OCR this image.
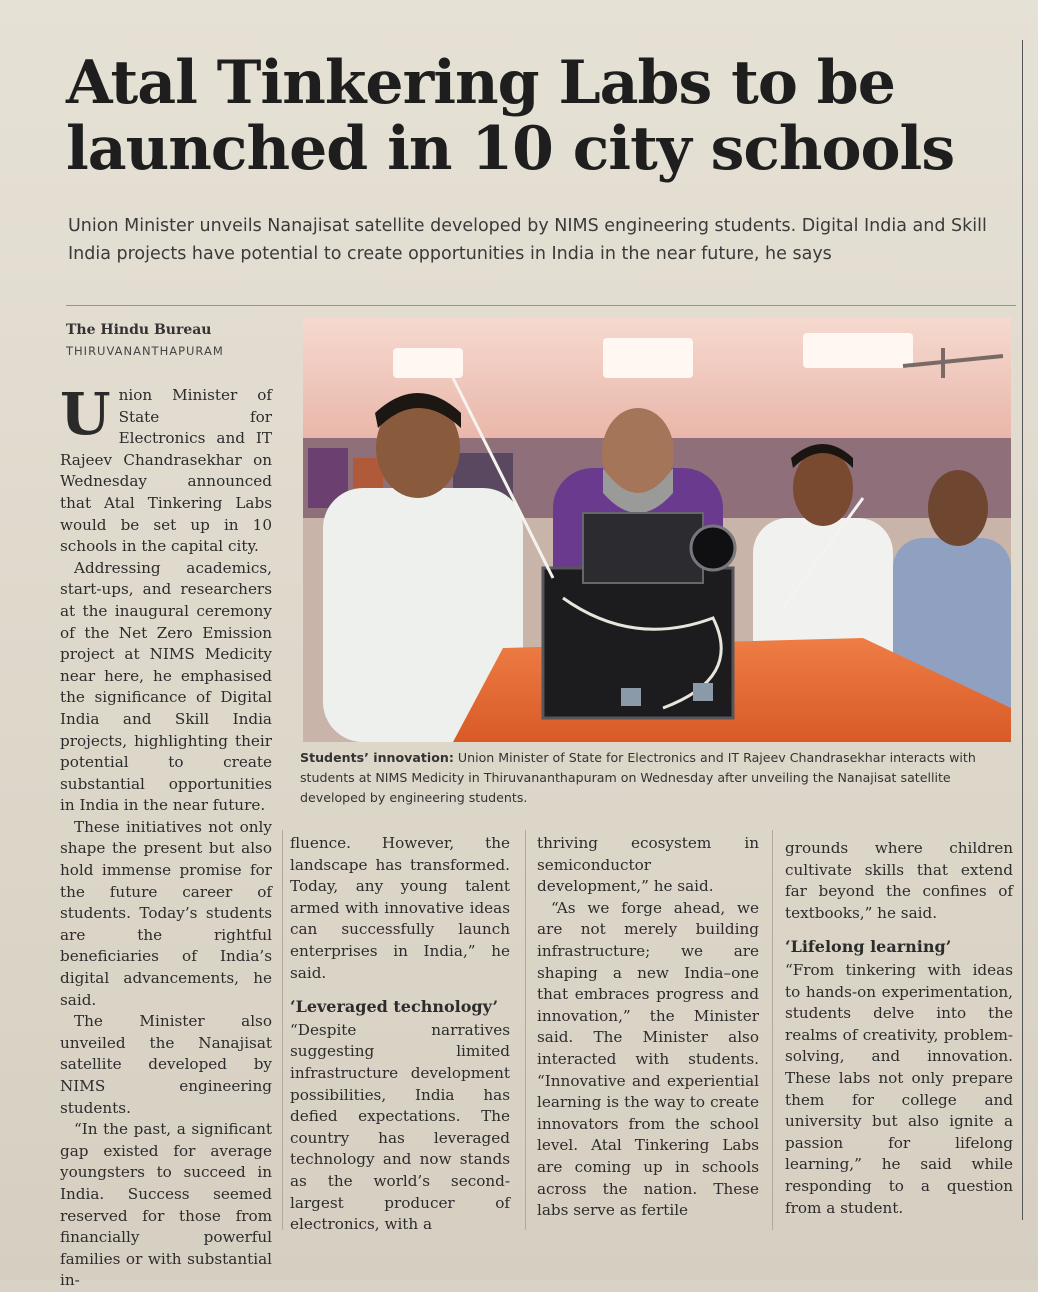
Atal Tinkering Labs to be
launched in 10 city schools
Union Minister unveils Nanajisat satellite developed by NIMS engineering students. Digital India and Skill India projects have potential to create opportunities in India in the near future, he says
The Hindu Bureau
THIRUVANANTHAPURAM
Students’ innovation: Union Minister of State for Electronics and IT Rajeev Chandrasekhar interacts with students at NIMS Medicity in Thiruvananthapuram on Wednesday after unveiling the Nanajisat satellite developed by engineering students.

Union Minister of State for Electronics and IT Rajeev Chandrasekhar on Wednesday announced that Atal Tinkering Labs would be set up in 10 schools in the capital city.

Addressing academics, start-ups, and researchers at the inaugural ceremony of the Net Zero Emission project at NIMS Medicity near here, he emphasised the significance of Digital India and Skill India projects, highlighting their potential to create substantial opportunities in India in the near future.

These initiatives not only shape the present but also hold immense promise for the future career of students. Today’s students are the rightful beneficiaries of India’s digital advancements, he said.

The Minister also unveiled the Nanajisat satellite developed by NIMS engineering students.

“In the past, a significant gap existed for average youngsters to succeed in India. Success seemed reserved for those from financially powerful families or with substantial in-

fluence. However, the landscape has transformed. Today, any young talent armed with innovative ideas can successfully launch enterprises in India,” he said.

‘Leveraged technology’

“Despite narratives suggesting limited infrastructure development possibilities, India has defied expectations. The country has leveraged technology and now stands as the world’s second-largest producer of electronics, with a

thriving ecosystem in semiconductor development,” he said.

“As we forge ahead, we are not merely building infrastructure; we are shaping a new India–one that embraces progress and innovation,” the Minister said. The Minister also interacted with students. “Innovative and experiential learning is the way to create innovators from the school level. Atal Tinkering Labs are coming up in schools across the nation. These labs serve as fertile

grounds where children cultivate skills that extend far beyond the confines of textbooks,” he said.

‘Lifelong learning’

“From tinkering with ideas to hands-on experimentation, students delve into the realms of creativity, problem-solving, and innovation. These labs not only prepare them for college and university but also ignite a passion for lifelong learning,” he said while responding to a question from a student.
